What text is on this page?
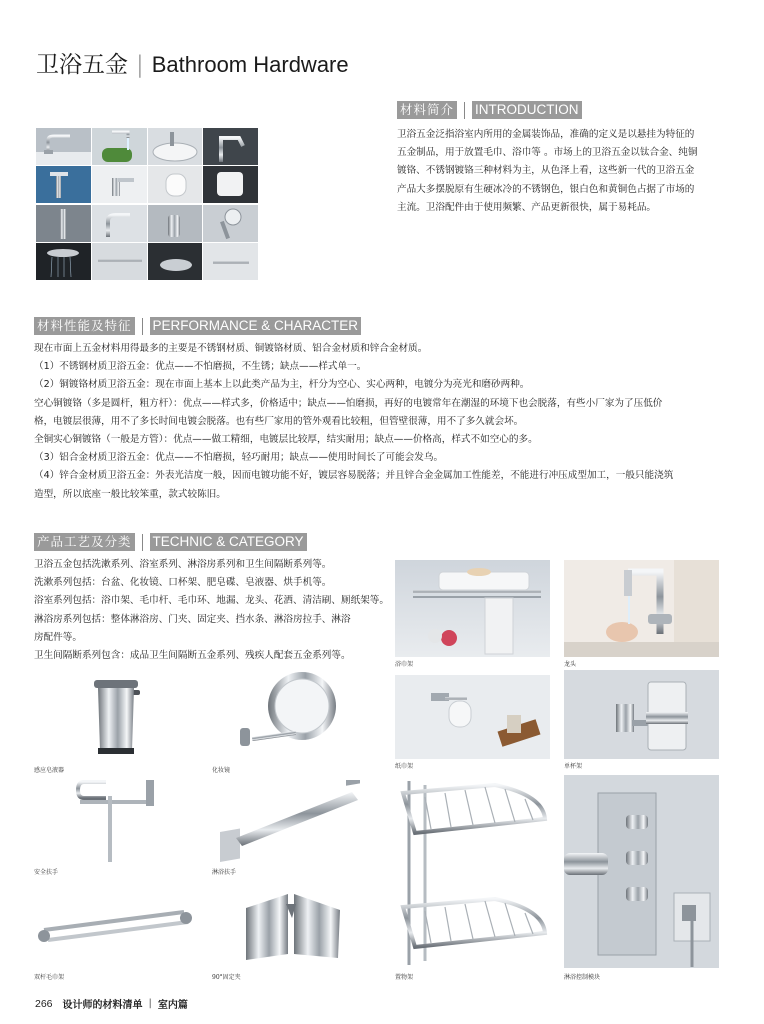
卫浴五金 | Bathroom Hardware
材料简介 INTRODUCTION

卫浴五金泛指浴室内所用的金属装饰品，准确的定义是以悬挂为特征的

五金制品，用于放置毛巾、浴巾等 。市场上的卫浴五金以钛合金、纯铜

镀铬、不锈钢镀铬三种材料为主，从色泽上看，这些新一代的卫浴五金

产品大多摆脱原有生硬冰冷的不锈钢色，银白色和黄铜色占据了市场的

主流。卫浴配件由于使用频繁、产品更新很快，属于易耗品。

材料性能及特征 PERFORMANCE & CHARACTER

现在市面上五金材料用得最多的主要是不锈钢材质、铜镀铬材质、铝合金材质和锌合金材质。

（1）不锈钢材质卫浴五金：优点——不怕磨损，不生锈；缺点——样式单一。

（2）铜镀铬材质卫浴五金：现在市面上基本上以此类产品为主，杆分为空心、实心两种，电镀分为亮光和磨砂两种。

空心铜镀铬（多是圆杆，粗方杆）：优点——样式多，价格适中；缺点——怕磨损，再好的电镀常年在潮湿的环境下也会脱落，有些小厂家为了压低价

格，电镀层很薄，用不了多长时间电镀会脱落。也有些厂家用的管外观看比较粗，但管壁很薄，用不了多久就会坏。

全铜实心铜镀铬（一般是方管）：优点——做工精细，电镀层比较厚，结实耐用；缺点——价格高，样式不如空心的多。

（3）铝合金材质卫浴五金：优点——不怕磨损，轻巧耐用；缺点——使用时间长了可能会发乌。

（4）锌合金材质卫浴五金：外表光洁度一般，因而电镀功能不好，镀层容易脱落；并且锌合金金属加工性能差，不能进行冲压成型加工，一般只能浇筑

造型，所以底座一般比较笨重，款式较陈旧。

产品工艺及分类 TECHNIC & CATEGORY

卫浴五金包括洗漱系列、浴室系列、淋浴房系列和卫生间隔断系列等。

洗漱系列包括：台盆、化妆镜、口杯架、肥皂碟、皂液器、烘手机等。

浴室系列包括：浴巾架、毛巾杆、毛巾环、地漏、龙头、花洒、清洁刷、厕纸架等。

淋浴房系列包括：整体淋浴房、门夹、固定夹、挡水条、淋浴房拉手、淋浴

房配件等。

卫生间隔断系列包含：成品卫生间隔断五金系列、残疾人配套五金系列等。

感应皂液器	化妆镜
安全扶手	淋浴扶手
双杆毛巾架	90°固定夹
浴巾架	龙头
纸巾架	单杯架
置物架	淋浴控制模块
266 设计师的材料清单 | 室内篇
